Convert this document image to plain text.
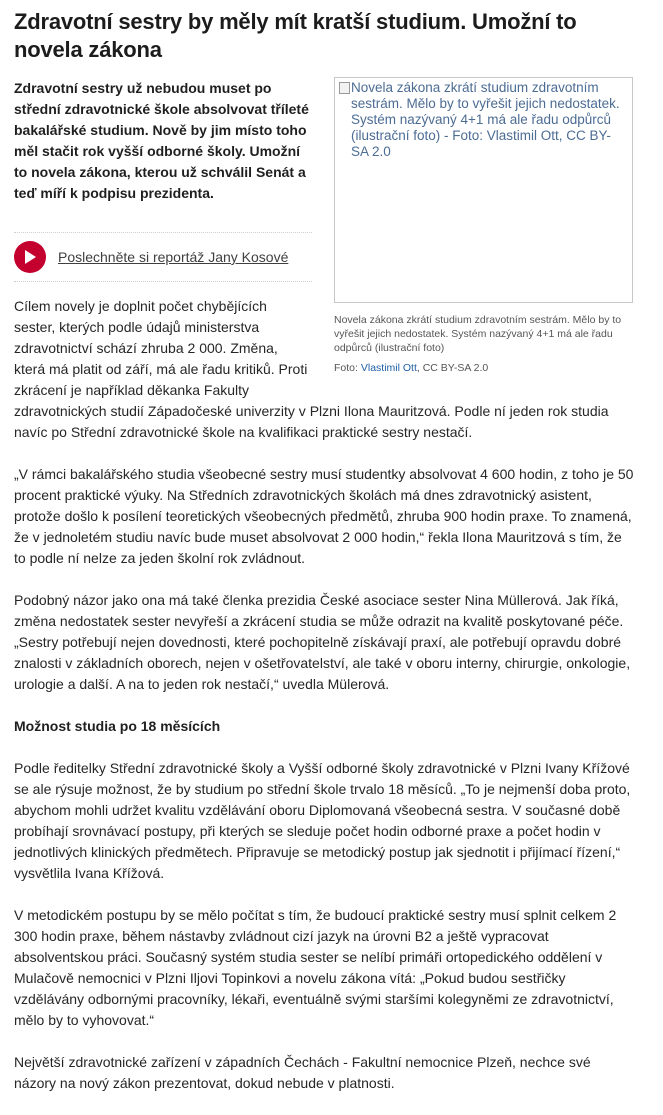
Zdravotní sestry by měly mít kratší studium. Umožní to novela zákona

Zdravotní sestry už nebudou muset po střední zdravotnické škole absolvovat tříleté bakalářské studium. Nově by jim místo toho měl stačit rok vyšší odborné školy. Umožní to novela zákona, kterou už schválil Senát a teď míří k podpisu prezidenta.

Poslechněte si reportáž Jany Kosové
Novela zákona zkrátí studium zdravotním sestrám. Mělo by to vyřešit jejich nedostatek. Systém nazývaný 4+1 má ale řadu odpůrců (ilustrační foto) - Foto: Vlastimil Ott, CC BY-SA 2.0
Novela zákona zkrátí studium zdravotním sestrám. Mělo by to vyřešit jejich nedostatek. Systém nazývaný 4+1 má ale řadu odpůrců (ilustrační foto)
Foto: Vlastimil Ott, CC BY-SA 2.0

Cílem novely je doplnit počet chybějících sester, kterých podle údajů ministerstva zdravotnictví schází zhruba 2 000. Změna, která má platit od září, má ale řadu kritiků. Proti zkrácení je například děkanka Fakulty zdravotnických studií Západočeské univerzity v Plzni Ilona Mauritzová. Podle ní jeden rok studia navíc po Střední zdravotnické škole na kvalifikaci praktické sestry nestačí.

„V rámci bakalářského studia všeobecné sestry musí studentky absolvovat 4 600 hodin, z toho je 50 procent praktické výuky. Na Středních zdravotnických školách má dnes zdravotnický asistent, protože došlo k posílení teoretických všeobecných předmětů, zhruba 900 hodin praxe. To znamená, že v jednoletém studiu navíc bude muset absolvovat 2 000 hodin,“ řekla Ilona Mauritzová s tím, že to podle ní nelze za jeden školní rok zvládnout.

Podobný názor jako ona má také členka prezidia České asociace sester Nina Müllerová. Jak říká, změna nedostatek sester nevyřeší a zkrácení studia se může odrazit na kvalitě poskytované péče. „Sestry potřebují nejen dovednosti, které pochopitelně získávají praxí, ale potřebují opravdu dobré znalosti v základních oborech, nejen v ošetřovatelství, ale také v oboru interny, chirurgie, onkologie, urologie a další. A na to jeden rok nestačí,“ uvedla Mülerová.

Možnost studia po 18 měsících

Podle ředitelky Střední zdravotnické školy a Vyšší odborné školy zdravotnické v Plzni Ivany Křížové se ale rýsuje možnost, že by studium po střední škole trvalo 18 měsíců. „To je nejmenší doba proto, abychom mohli udržet kvalitu vzdělávání oboru Diplomovaná všeobecná sestra. V současné době probíhají srovnávací postupy, při kterých se sleduje počet hodin odborné praxe a počet hodin v jednotlivých klinických předmětech. Připravuje se metodický postup jak sjednotit i přijímací řízení,“ vysvětlila Ivana Křížová.

V metodickém postupu by se mělo počítat s tím, že budoucí praktické sestry musí splnit celkem 2 300 hodin praxe, během nástavby zvládnout cizí jazyk na úrovni B2 a ještě vypracovat absolventskou práci. Současný systém studia sester se nelíbí primáři ortopedického oddělení v Mulačově nemocnici v Plzni Iljovi Topinkovi a novelu zákona vítá: „Pokud budou sestřičky vzdělávány odbornými pracovníky, lékaři, eventuálně svými staršími kolegyněmi ze zdravotnictví, mělo by to vyhovovat.“

Největší zdravotnické zařízení v západních Čechách - Fakultní nemocnice Plzeň, nechce své názory na nový zákon prezentovat, dokud nebude v platnosti.
